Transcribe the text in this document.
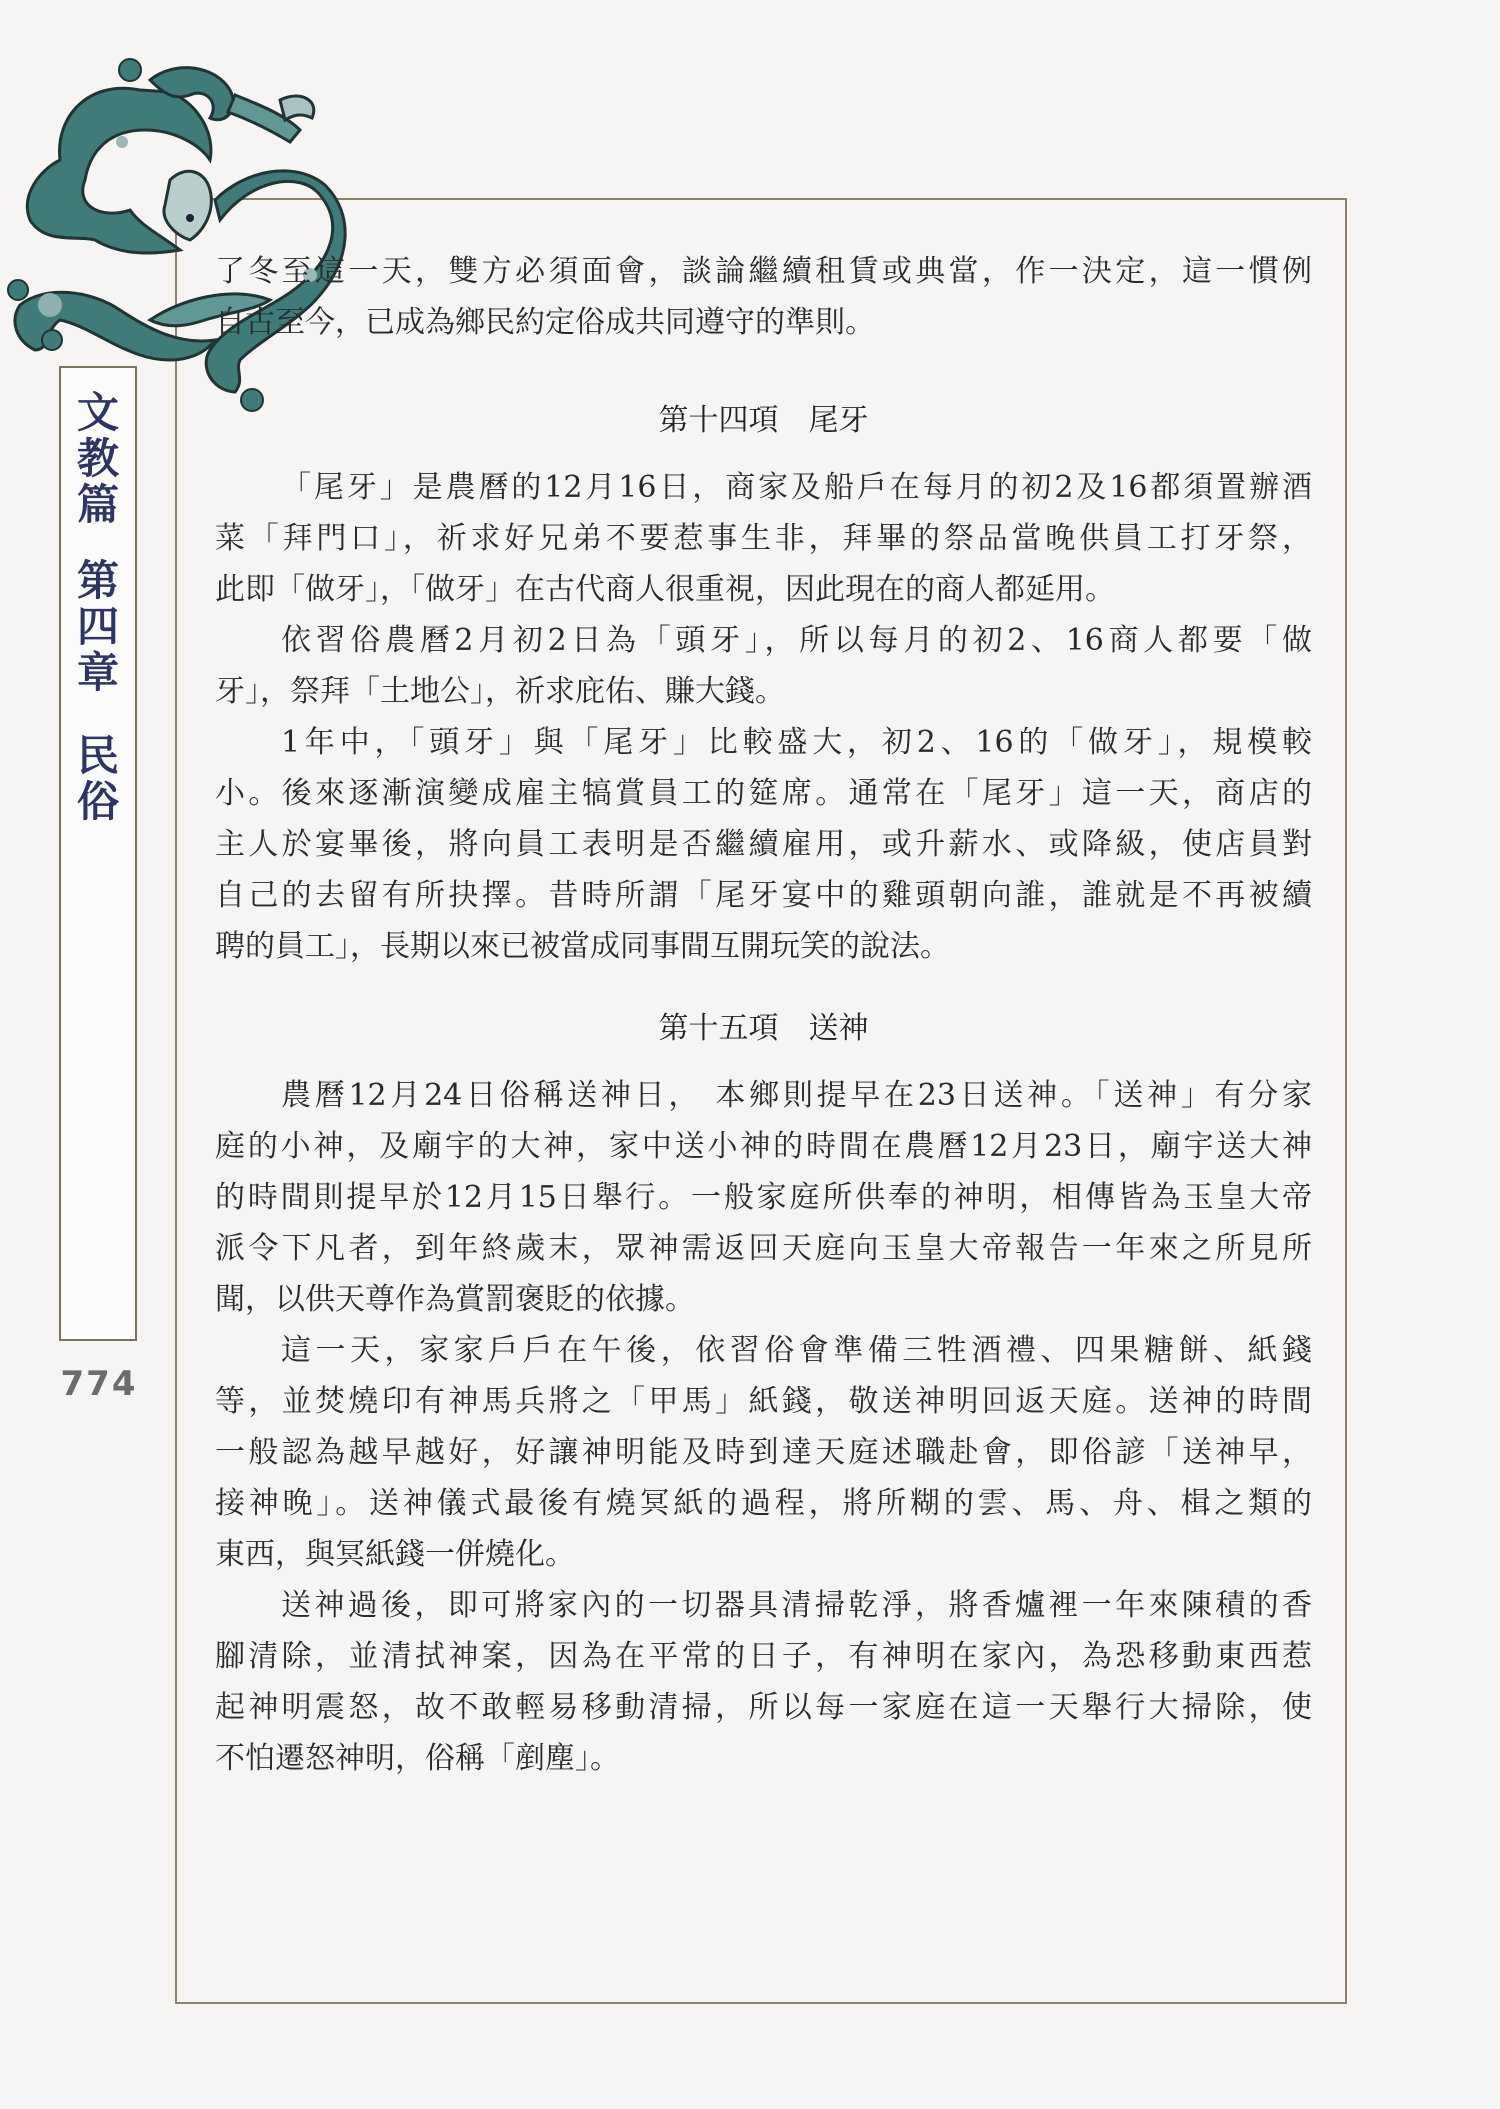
文
教
篇
第
四
章
民
俗
774
了冬至這一天，雙方必須面會，談論繼續租賃或典當，作一決定，這一慣例
自古至今，已成為鄉民約定俗成共同遵守的準則。
第十四項　尾牙
「尾牙」是農曆的12月16日，商家及船戶在每月的初2及16都須置辦酒
菜「拜門口」，祈求好兄弟不要惹事生非，拜畢的祭品當晚供員工打牙祭，
此即「做牙」，「做牙」在古代商人很重視，因此現在的商人都延用。
依習俗農曆2月初2日為「頭牙」，所以每月的初2、16商人都要「做
牙」，祭拜「土地公」，祈求庇佑、賺大錢。
1年中，「頭牙」與「尾牙」比較盛大，初2、16的「做牙」，規模較
小。後來逐漸演變成雇主犒賞員工的筵席。通常在「尾牙」這一天，商店的
主人於宴畢後，將向員工表明是否繼續雇用，或升薪水、或降級，使店員對
自己的去留有所抉擇。昔時所謂「尾牙宴中的雞頭朝向誰，誰就是不再被續
聘的員工」，長期以來已被當成同事間互開玩笑的說法。
第十五項　送神
農曆12月24日俗稱送神日， 本鄉則提早在23日送神。「送神」有分家
庭的小神，及廟宇的大神，家中送小神的時間在農曆12月23日，廟宇送大神
的時間則提早於12月15日舉行。一般家庭所供奉的神明，相傳皆為玉皇大帝
派令下凡者，到年終歲末，眾神需返回天庭向玉皇大帝報告一年來之所見所
聞，以供天尊作為賞罰褒貶的依據。
這一天，家家戶戶在午後，依習俗會準備三牲酒禮、四果糖餅、紙錢
等，並焚燒印有神馬兵將之「甲馬」紙錢，敬送神明回返天庭。送神的時間
一般認為越早越好，好讓神明能及時到達天庭述職赴會，即俗諺「送神早，
接神晚」。送神儀式最後有燒冥紙的過程，將所糊的雲、馬、舟、楫之類的
東西，與冥紙錢一併燒化。
送神過後，即可將家內的一切器具清掃乾淨，將香爐裡一年來陳積的香
腳清除，並清拭神案，因為在平常的日子，有神明在家內，為恐移動東西惹
起神明震怒，故不敢輕易移動清掃，所以每一家庭在這一天舉行大掃除，使
不怕遷怒神明，俗稱「剷塵」。
